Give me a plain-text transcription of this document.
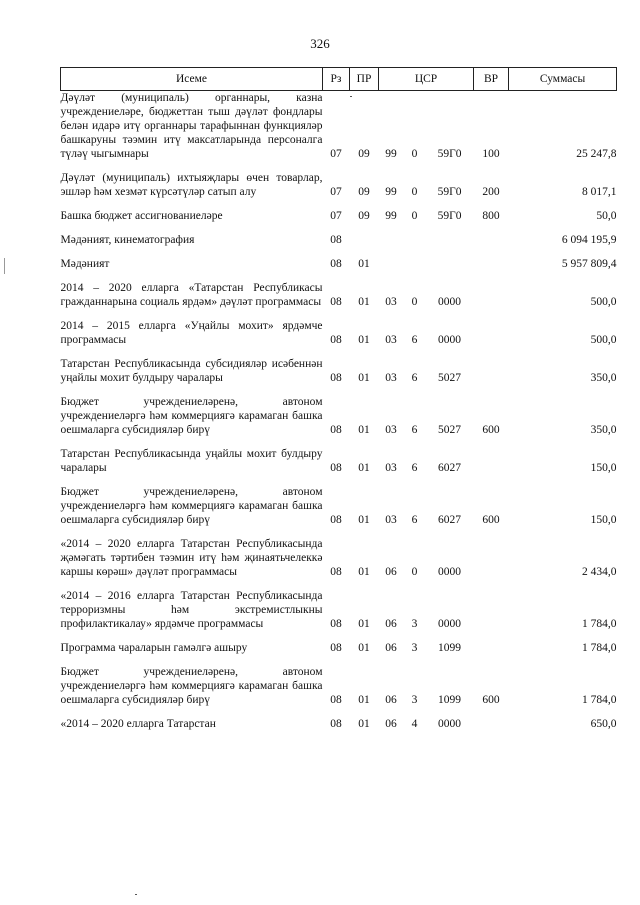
326
Исеме	Рз	ПР	ЦСР			ВР	Суммасы
Дәүләт (муниципаль) органнары, казна учреждениеләре, бюджеттан тыш дәүләт фондлары белән идарә итү органнары тарафыннан функцияләр башкаруны тәэмин итү максатларында персоналга түләү чыгымнары	07	09	99	0	59Г0	100	25 247,8
Дәүләт (муниципаль) ихтыяҗлары өчен товарлар, эшләр һәм хезмәт күрсәтүләр сатып алу	07	09	99	0	59Г0	200	8 017,1
Башка бюджет ассигнованиеләре	07	09	99	0	59Г0	800	50,0
Мәдәният, кинематография	08						6 094 195,9
Мәдәният	08	01					5 957 809,4
2014 – 2020 елларга «Татарстан Республикасы гражданнарына социаль ярдәм» дәүләт программасы	08	01	03	0	0000		500,0
2014 – 2015 елларга «Уңайлы мохит» ярдәмче программасы	08	01	03	6	0000		500,0
Татарстан Республикасында субсидияләр исәбеннән уңайлы мохит булдыру чаралары	08	01	03	6	5027		350,0
Бюджет учреждениеләренә, автоном учреждениеләргә һәм коммерциягә карамаган башка оешмаларга субсидияләр бирү	08	01	03	6	5027	600	350,0
Татарстан Республикасында уңайлы мохит булдыру чаралары	08	01	03	6	6027		150,0
Бюджет учреждениеләренә, автоном учреждениеләргә һәм коммерциягә карамаган башка оешмаларга субсидияләр бирү	08	01	03	6	6027	600	150,0
«2014 – 2020 елларга Татарстан Республикасында җәмәгать тәртибен тәэмин итү һәм җинаятьчелеккә каршы көрәш» дәүләт программасы	08	01	06	0	0000		2 434,0
«2014 – 2016 елларга Татарстан Республикасында терроризмны һәм экстремистлыкны профилактикалау» ярдәмче программасы	08	01	06	3	0000		1 784,0
Программа чараларын гамәлгә ашыру	08	01	06	3	1099		1 784,0
Бюджет учреждениеләренә, автоном учреждениеләргә һәм коммерциягә карамаган башка оешмаларга субсидияләр бирү	08	01	06	3	1099	600	1 784,0
«2014 – 2020 елларга Татарстан	08	01	06	4	0000		650,0
